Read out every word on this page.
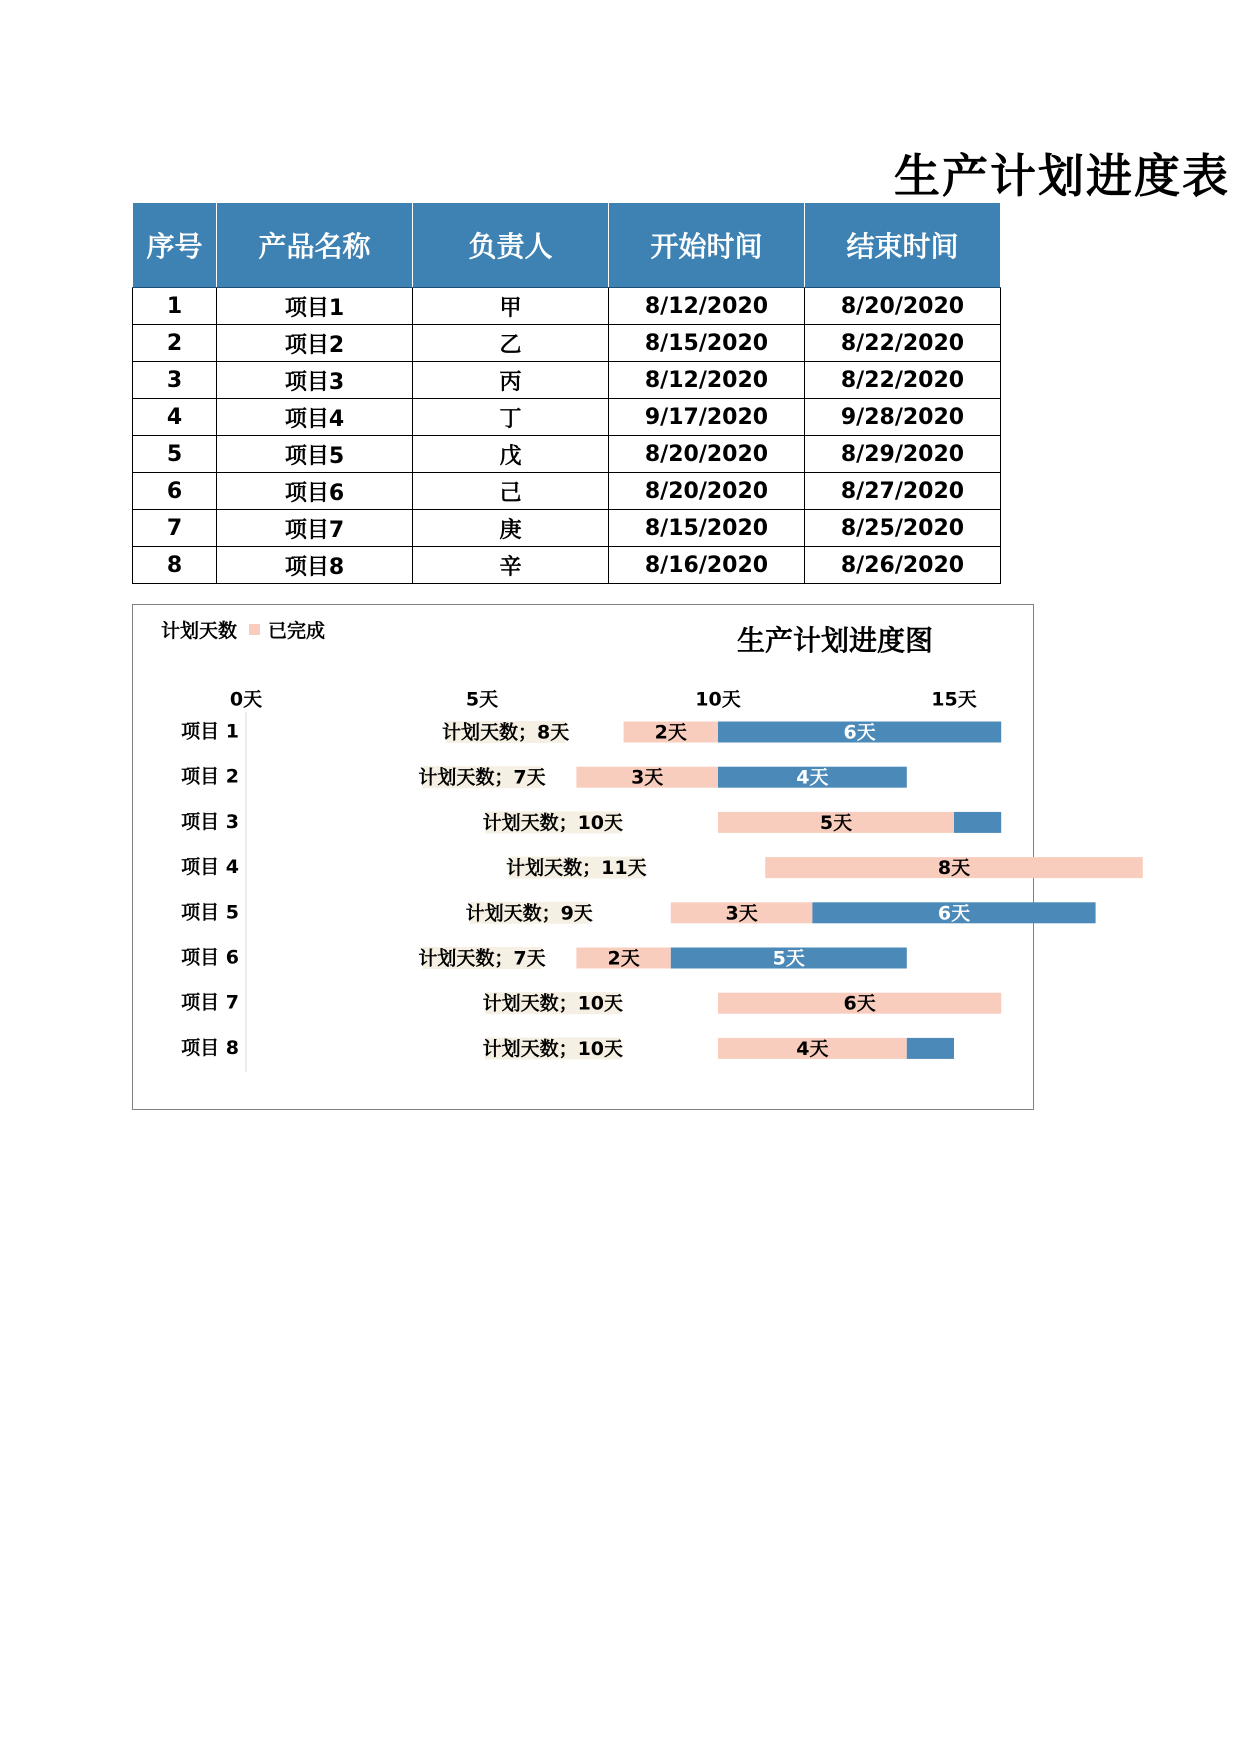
生产计划进度表
序号	产品名称	负责人	开始时间	结束时间
1	项目1	甲	8/12/2020	8/20/2020
2	项目2	乙	8/15/2020	8/22/2020
3	项目3	丙	8/12/2020	8/22/2020
4	项目4	丁	9/17/2020	9/28/2020
5	项目5	戊	8/20/2020	8/29/2020
6	项目6	己	8/20/2020	8/27/2020
7	项目7	庚	8/15/2020	8/25/2020
8	项目8	辛	8/16/2020	8/26/2020
计划天数 已完成	生产计划进度图
0天	5天	10天	15天
项目 1	计划天数；8天	2天	6天
项目 2	计划天数；7天	3天	4天
项目 3	计划天数；10天	5天
项目 4	计划天数；11天	8天
项目 5	计划天数；9天	3天	6天
项目 6	计划天数；7天	2天	5天
项目 7	计划天数；10天	6天
项目 8	计划天数；10天	4天
